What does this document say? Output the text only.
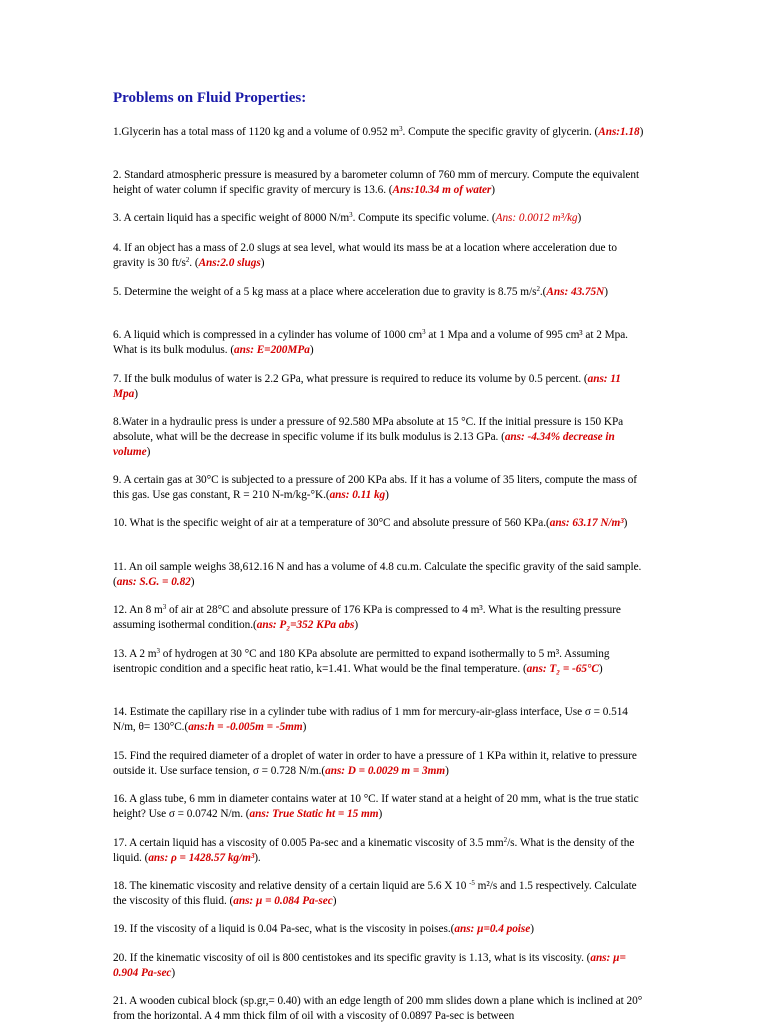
Problems on Fluid Properties:
1.Glycerin has a total mass of 1120 kg and a volume of 0.952 $m^3$. Compute the specific gravity of glycerin. (Ans:1.18)
2. Standard atmospheric pressure is measured by a barometer column of 760 mm of mercury. Compute the equivalent height of water column if specific gravity of mercury is 13.6. (Ans:10.34 m of water)
3. A certain liquid has a specific weight of 8000 $N/m^3$. Compute its specific volume. (Ans: 0.0012 m³/kg)
4. If an object has a mass of 2.0 slugs at sea level, what would its mass be at a location where acceleration due to gravity is 30 $ft/s^2$. (Ans:2.0 slugs)
5. Determine the weight of a 5 kg mass at a place where acceleration due to gravity is 8.75 $m/s^2.(Ans$: 43.75N)
6. A liquid which is compressed in a cylinder has volume of 1000 $cm^3$ at 1 Mpa and a volume of 995 cm³ at 2 Mpa. What is its bulk modulus. (ans: E=200MPa)
7. If the bulk modulus of water is 2.2 GPa, what pressure is required to reduce its volume by 0.5 percent. (ans: 11 Mpa)
8.Water in a hydraulic press is under a pressure of 92.580 MPa absolute at 15 °C. If the initial pressure is 150 KPa absolute, what will be the decrease in specific volume if its bulk modulus is 2.13 GPa. (ans: -4.34% decrease in volume)
9. A certain gas at 30°C is subjected to a pressure of 200 KPa abs. If it has a volume of 35 liters, compute the mass of this gas. Use gas constant, R = 210 N-m/kg-°K.(ans: 0.11 kg)
10. What is the specific weight of air at a temperature of 30°C and absolute pressure of 560 KPa.(ans: 63.17 N/m³)
11. An oil sample weighs 38,612.16 N and has a volume of 4.8 cu.m. Calculate the specific gravity of the said sample.(ans: S.G. = 0.82)
12. An 8 $m^3$ of air at 28°C and absolute pressure of 176 KPa is compressed to 4 m³. What is the resulting pressure assuming isothermal condition.(ans: P₂=352 KPa abs)
13. A 2 $m^3$ of hydrogen at 30 °C and 180 KPa absolute are permitted to expand isothermally to 5 m³. Assuming isentropic condition and a specific heat ratio, k=1.41. What would be the final temperature. (ans: T₂ = -65°C)
14. Estimate the capillary rise in a cylinder tube with radius of 1 mm for mercury-air-glass interface, Use σ = 0.514 N/m, θ= 130°C.(ans:h = -0.005m = -5mm)
15. Find the required diameter of a droplet of water in order to have a pressure of 1 KPa within it, relative to pressure outside it. Use surface tension, σ = 0.728 N/m.(ans: D = 0.0029 m = 3mm)
16. A glass tube, 6 mm in diameter contains water at 10 °C. If water stand at a height of 20 mm, what is the true static height? Use σ = 0.0742 N/m. (ans: True Static ht = 15 mm)
17. A certain liquid has a viscosity of 0.005 Pa-sec and a kinematic viscosity of 3.5 $mm^2/s$. What is the density of the liquid. (ans: ρ = 1428.57 kg/m³).
18. The kinematic viscosity and relative density of a certain liquid are 5.6 X 10 $^{-5}$ m²/s and 1.5 respectively. Calculate the viscosity of this fluid. (ans: µ = 0.084 Pa-sec)
19. If the viscosity of a liquid is 0.04 Pa-sec, what is the viscosity in poises.(ans: µ=0.4 poise)
20. If the kinematic viscosity of oil is 800 centistokes and its specific gravity is 1.13, what is its viscosity. (ans: µ= 0.904 Pa-sec)
21. A wooden cubical block (sp.gr,= 0.40) with an edge length of 200 mm slides down a plane which is inclined at 20° from the horizontal. A 4 mm thick film of oil with a viscosity of 0.0897 Pa-sec is between
